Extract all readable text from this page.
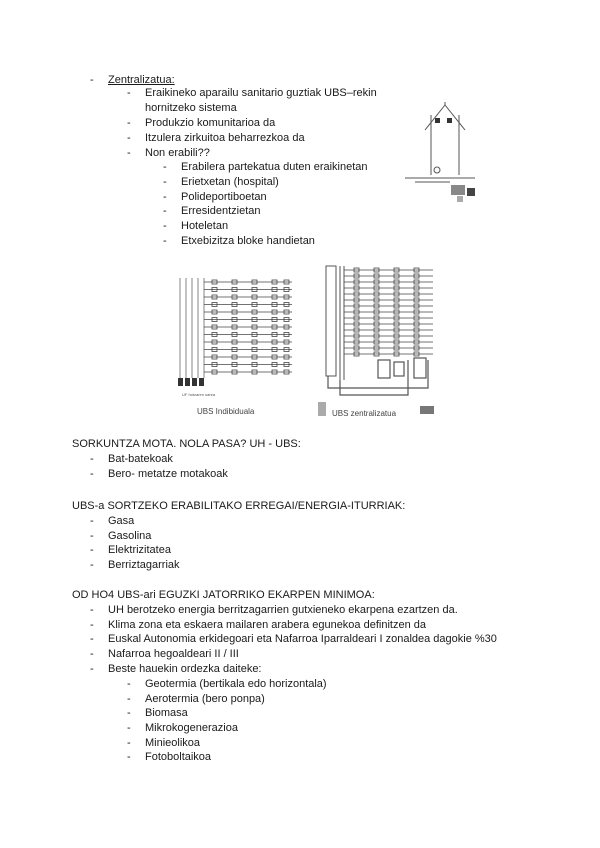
- Zentralizatua:
- Eraikineko aparailu sanitario guztiak UBS–rekin
hornitzeko sistema
- Produkzio komunitarioa da
- Itzulera zirkuitoa beharrezkoa da
- Non erabili??
- Erabilera partekatua duten eraikinetan
- Erietxetan (hospital)
- Polideportiboetan
- Erresidentzietan
- Hoteletan
- Etxebizitza bloke handietan
UF hotzaren sarea
UBS Indibiduala	UBS zentralizatua
SORKUNTZA MOTA. NOLA PASA? UH - UBS:
- Bat-batekoak
- Bero- metatze motakoak
UBS-a SORTZEKO ERABILITAKO ERREGAI/ENERGIA-ITURRIAK:
- Gasa
- Gasolina
- Elektrizitatea
- Berriztagarriak
OD HO4 UBS-ari EGUZKI JATORRIKO EKARPEN MINIMOA:
- UH berotzeko energia berritzagarrien gutxieneko ekarpena ezartzen da.
- Klima zona eta eskaera mailaren arabera egunekoa definitzen da
- Euskal Autonomia erkidegoari eta Nafarroa Iparraldeari I zonaldea dagokie %30
- Nafarroa hegoaldeari II / III
- Beste hauekin ordezka daiteke:
- Geotermia (bertikala edo horizontala)
- Aerotermia (bero ponpa)
- Biomasa
- Mikrokogenerazioa
- Minieolikoa
- Fotoboltaikoa
